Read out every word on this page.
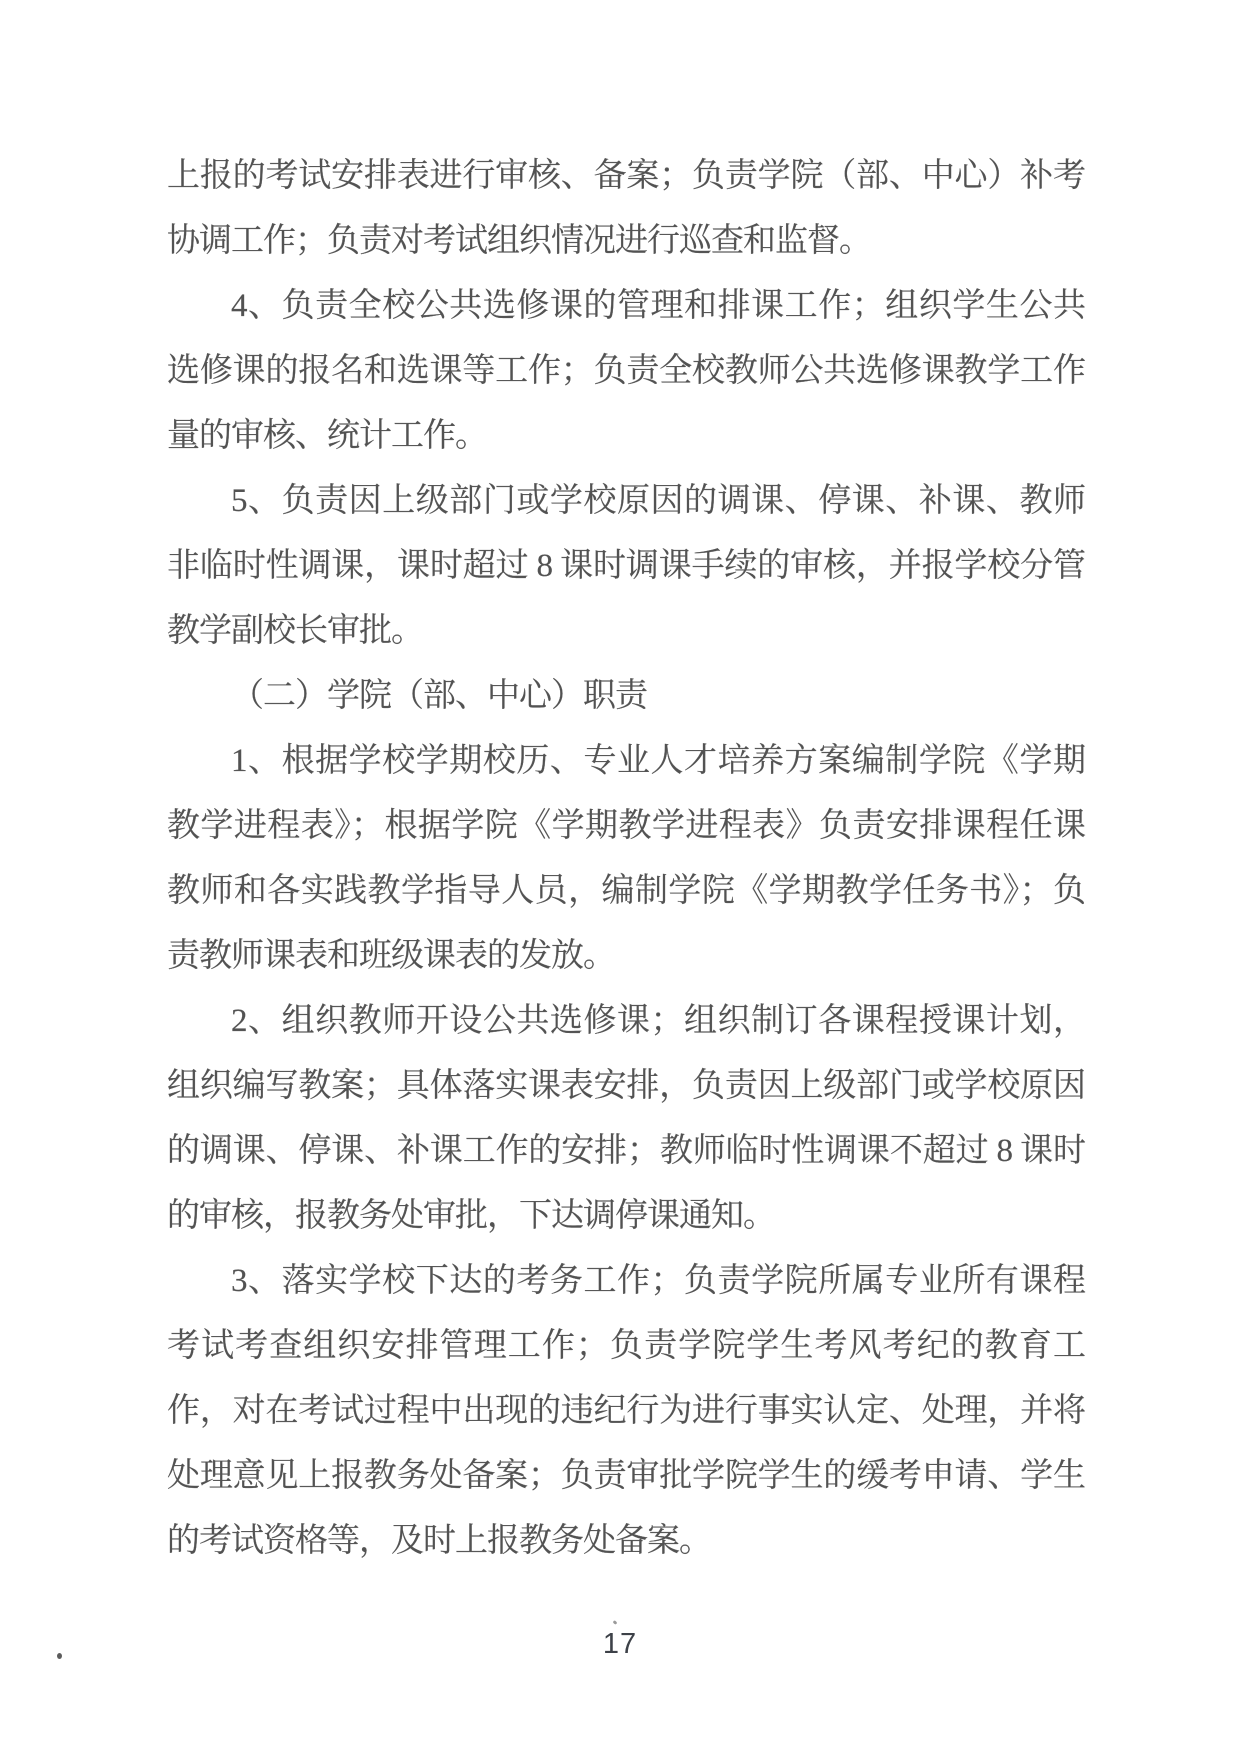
上报的考试安排表进行审核、备案；负责学院（部、中心）补考
协调工作；负责对考试组织情况进行巡查和监督。
4、负责全校公共选修课的管理和排课工作；组织学生公共
选修课的报名和选课等工作；负责全校教师公共选修课教学工作
量的审核、统计工作。
5、负责因上级部门或学校原因的调课、停课、补课、教师
非临时性调课，课时超过 8 课时调课手续的审核，并报学校分管
教学副校长审批。
（二）学院（部、中心）职责
1、根据学校学期校历、专业人才培养方案编制学院《学期
教学进程表》；根据学院《学期教学进程表》负责安排课程任课
教师和各实践教学指导人员，编制学院《学期教学任务书》；负
责教师课表和班级课表的发放。
2、组织教师开设公共选修课；组织制订各课程授课计划，
组织编写教案；具体落实课表安排，负责因上级部门或学校原因
的调课、停课、补课工作的安排；教师临时性调课不超过 8 课时
的审核，报教务处审批，下达调停课通知。
3、落实学校下达的考务工作；负责学院所属专业所有课程
考试考查组织安排管理工作；负责学院学生考风考纪的教育工
作，对在考试过程中出现的违纪行为进行事实认定、处理，并将
处理意见上报教务处备案；负责审批学院学生的缓考申请、学生
的考试资格等，及时上报教务处备案。
17
